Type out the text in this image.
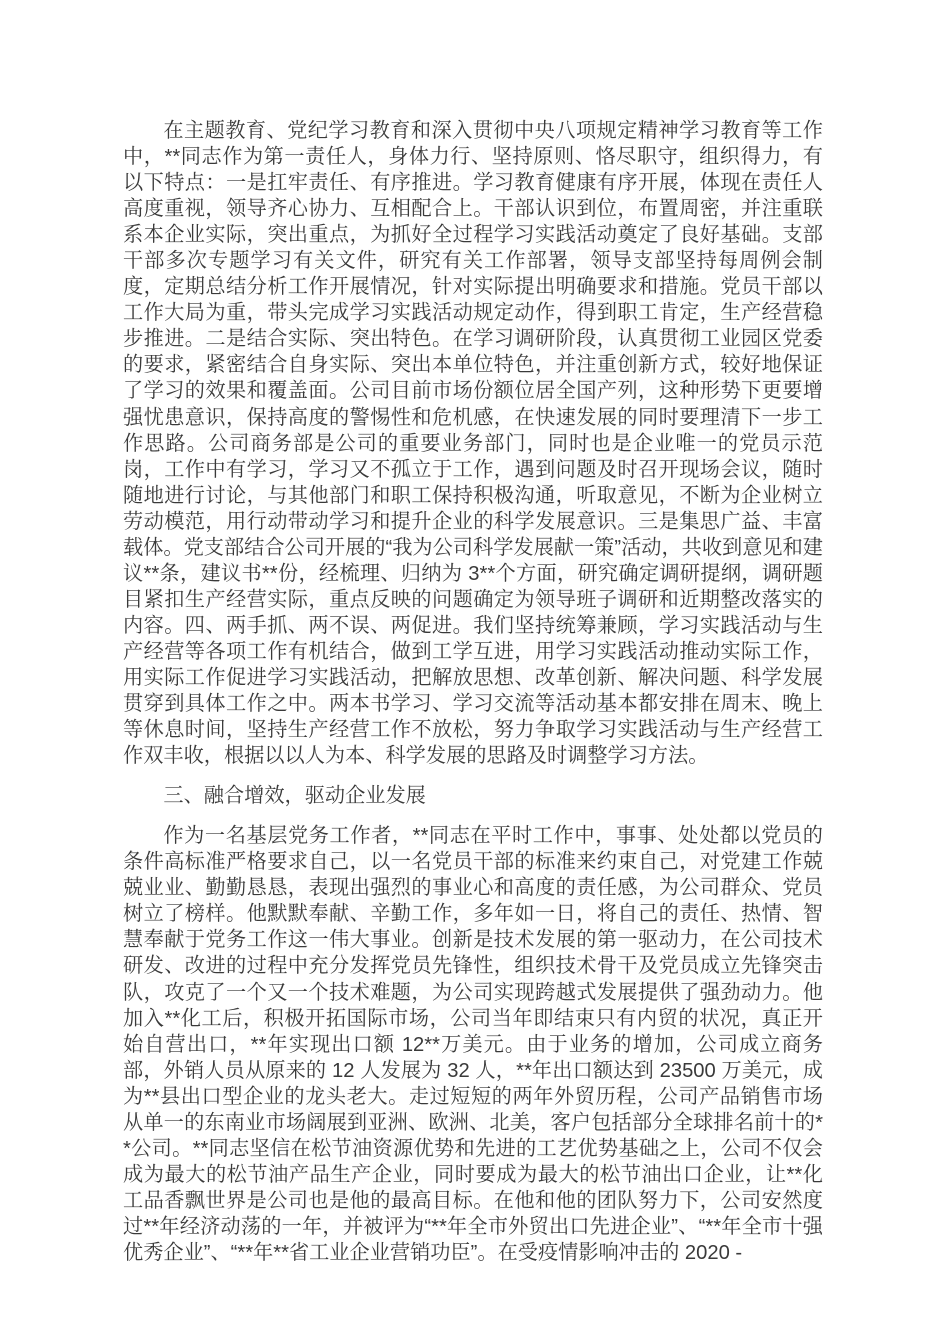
在主题教育、党纪学习教育和深入贯彻中央八项规定精神学习教育等工作中，**同志作为第一责任人，身体力行、坚持原则、恪尽职守，组织得力，有以下特点：一是扛牢责任、有序推进。学习教育健康有序开展，体现在责任人高度重视，领导齐心协力、互相配合上。干部认识到位，布置周密，并注重联系本企业实际，突出重点，为抓好全过程学习实践活动奠定了良好基础。支部干部多次专题学习有关文件，研究有关工作部署，领导支部坚持每周例会制度，定期总结分析工作开展情况，针对实际提出明确要求和措施。党员干部以工作大局为重，带头完成学习实践活动规定动作，得到职工肯定，生产经营稳步推进。二是结合实际、突出特色。在学习调研阶段，认真贯彻工业园区党委的要求，紧密结合自身实际、突出本单位特色，并注重创新方式，较好地保证了学习的效果和覆盖面。公司目前市场份额位居全国产列，这种形势下更要增强忧患意识，保持高度的警惕性和危机感，在快速发展的同时要理清下一步工作思路。公司商务部是公司的重要业务部门，同时也是企业唯一的党员示范岗，工作中有学习，学习又不孤立于工作，遇到问题及时召开现场会议，随时随地进行讨论，与其他部门和职工保持积极沟通，听取意见，不断为企业树立劳动模范，用行动带动学习和提升企业的科学发展意识。三是集思广益、丰富载体。党支部结合公司开展的“我为公司科学发展献一策”活动，共收到意见和建议**条，建议书**份，经梳理、归纳为 3**个方面，研究确定调研提纲，调研题目紧扣生产经营实际，重点反映的问题确定为领导班子调研和近期整改落实的内容。四、两手抓、两不误、两促进。我们坚持统筹兼顾，学习实践活动与生产经营等各项工作有机结合，做到工学互进，用学习实践活动推动实际工作，用实际工作促进学习实践活动，把解放思想、改革创新、解决问题、科学发展贯穿到具体工作之中。两本书学习、学习交流等活动基本都安排在周末、晚上等休息时间，坚持生产经营工作不放松，努力争取学习实践活动与生产经营工作双丰收，根据以以人为本、科学发展的思路及时调整学习方法。

三、融合增效，驱动企业发展

作为一名基层党务工作者，**同志在平时工作中，事事、处处都以党员的条件高标准严格要求自己，以一名党员干部的标准来约束自己，对党建工作兢兢业业、勤勤恳恳，表现出强烈的事业心和高度的责任感，为公司群众、党员树立了榜样。他默默奉献、辛勤工作，多年如一日，将自己的责任、热情、智慧奉献于党务工作这一伟大事业。创新是技术发展的第一驱动力，在公司技术研发、改进的过程中充分发挥党员先锋性，组织技术骨干及党员成立先锋突击队，攻克了一个又一个技术难题，为公司实现跨越式发展提供了强劲动力。他加入**化工后，积极开拓国际市场，公司当年即结束只有内贸的状况，真正开始自营出口，**年实现出口额 12**万美元。由于业务的增加，公司成立商务部，外销人员从原来的 12 人发展为 32 人，**年出口额达到 23500 万美元，成为**县出口型企业的龙头老大。走过短短的两年外贸历程，公司产品销售市场从单一的东南业市场阔展到亚洲、欧洲、北美，客户包括部分全球排名前十的**公司。**同志坚信在松节油资源优势和先进的工艺优势基础之上，公司不仅会成为最大的松节油产品生产企业，同时要成为最大的松节油出口企业，让**化工品香飘世界是公司也是他的最高目标。在他和他的团队努力下，公司安然度过**年经济动荡的一年，并被评为“**年全市外贸出口先进企业”、“**年全市十强优秀企业”、“**年**省工业企业营销功臣”。在受疫情影响冲击的 2020 -
